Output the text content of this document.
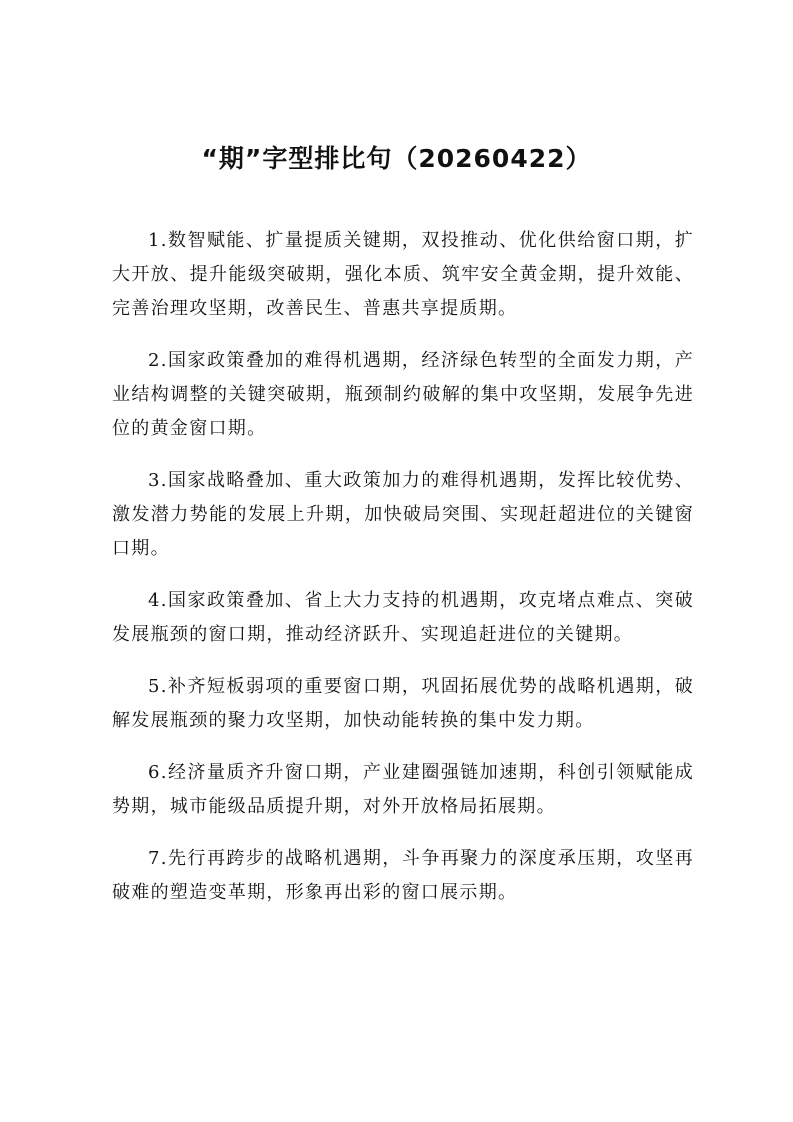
“期”字型排比句（20260422）

1.数智赋能、扩量提质关键期，双投推动、优化供给窗口期，扩大开放、提升能级突破期，强化本质、筑牢安全黄金期，提升效能、完善治理攻坚期，改善民生、普惠共享提质期。

2.国家政策叠加的难得机遇期，经济绿色转型的全面发力期，产业结构调整的关键突破期，瓶颈制约破解的集中攻坚期，发展争先进位的黄金窗口期。

3.国家战略叠加、重大政策加力的难得机遇期，发挥比较优势、激发潜力势能的发展上升期，加快破局突围、实现赶超进位的关键窗口期。

4.国家政策叠加、省上大力支持的机遇期，攻克堵点难点、突破发展瓶颈的窗口期，推动经济跃升、实现追赶进位的关键期。

5.补齐短板弱项的重要窗口期，巩固拓展优势的战略机遇期，破解发展瓶颈的聚力攻坚期，加快动能转换的集中发力期。

6.经济量质齐升窗口期，产业建圈强链加速期，科创引领赋能成势期，城市能级品质提升期，对外开放格局拓展期。

7.先行再跨步的战略机遇期，斗争再聚力的深度承压期，攻坚再破难的塑造变革期，形象再出彩的窗口展示期。
